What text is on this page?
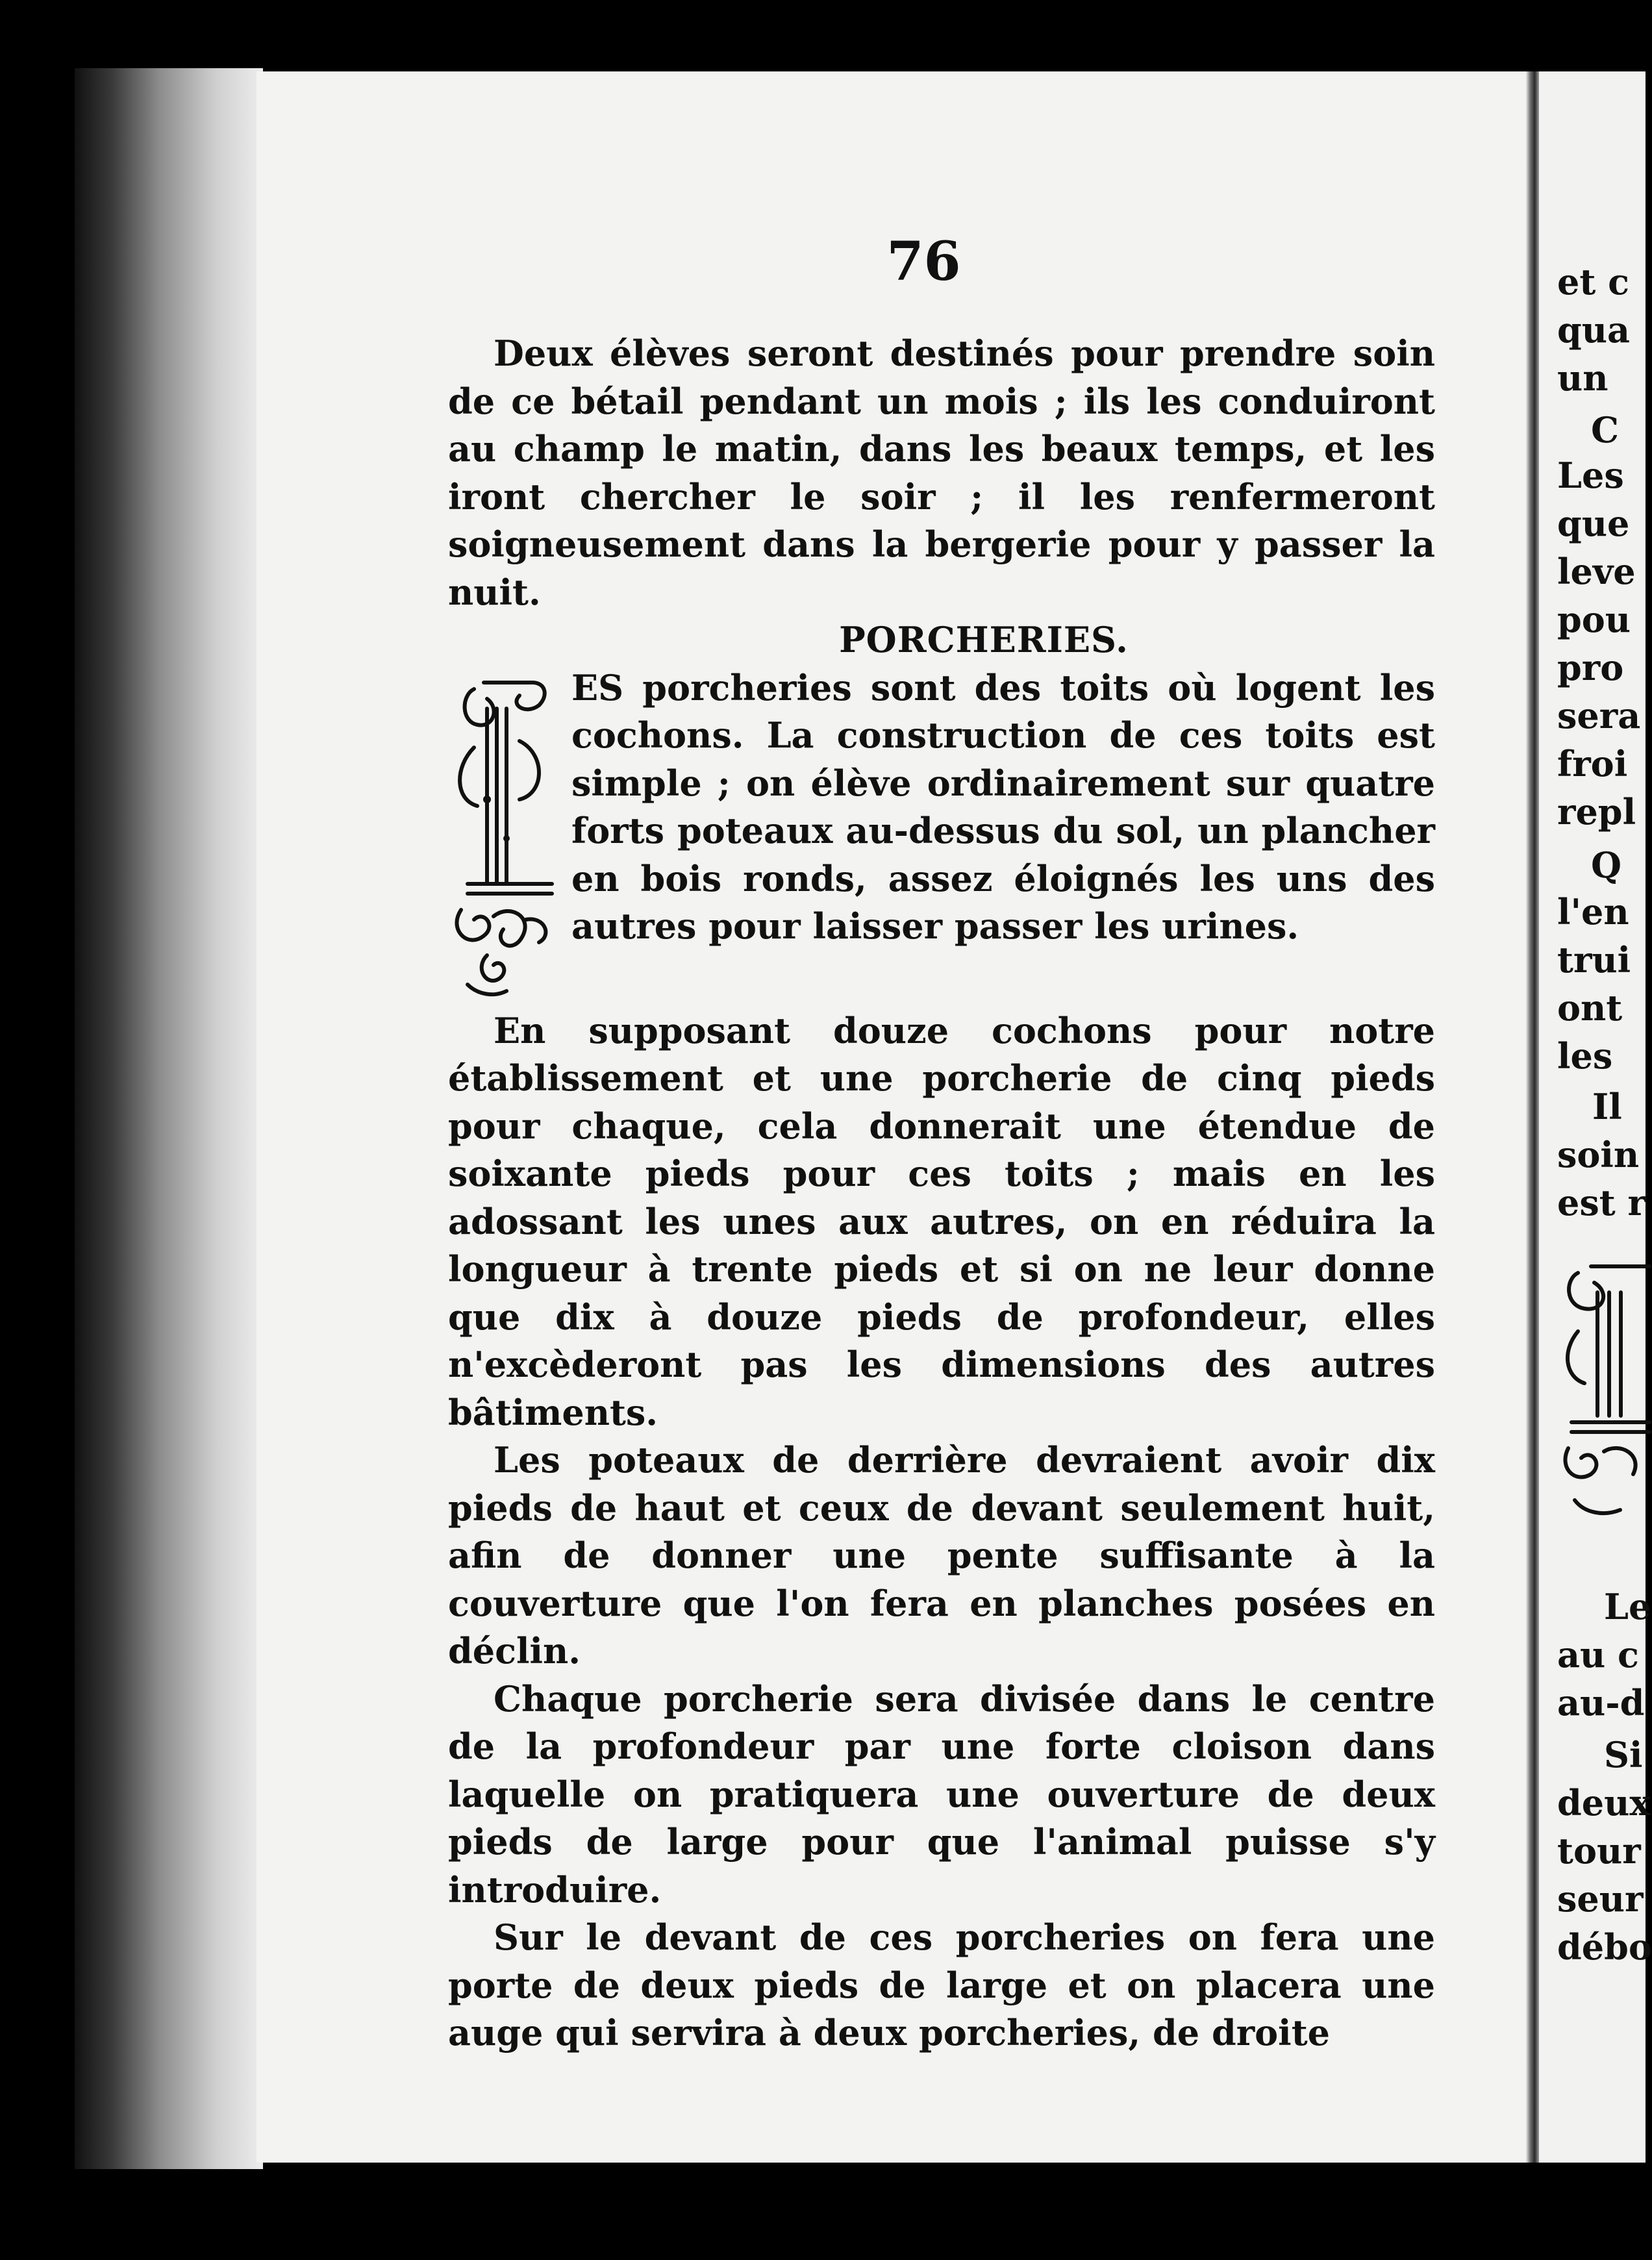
76

Deux élèves seront destinés pour prendre soin de ce bétail pendant un mois ; ils les conduiront au champ le matin, dans les beaux temps, et les iront chercher le soir ; il les renfermeront soigneusement dans la bergerie pour y passer la nuit.

PORCHERIES.

ES porcheries sont des toits où logent les cochons. La construction de ces toits est simple ; on élève ordinairement sur quatre forts poteaux au-dessus du sol, un plancher en bois ronds, assez éloignés les uns des autres pour laisser passer les urines.

En supposant douze cochons pour notre établissement et une porcherie de cinq pieds pour chaque, cela donnerait une étendue de soixante pieds pour ces toits ; mais en les adossant les unes aux autres, on en réduira la longueur à trente pieds et si on ne leur donne que dix à douze pieds de profondeur, elles n'excèderont pas les dimensions des autres bâtiments.

Les poteaux de derrière devraient avoir dix pieds de haut et ceux de devant seulement huit, afin de donner une pente suffisante à la couverture que l'on fera en planches posées en déclin.

Chaque porcherie sera divisée dans le centre de la profondeur par une forte cloison dans laquelle on pratiquera une ouverture de deux pieds de large pour que l'animal puisse s'y introduire.

Sur le devant de ces porcheries on fera une porte de deux pieds de large et on placera une auge qui servira à deux porcheries, de droite

et c
qua
un
C
Les
que
leve
pou
pro
sera
froi
repl
Q
l'en
trui
ont
les
Il
soin
est r
Le
au c
au-d
Si
deux
tour
seur
débo
